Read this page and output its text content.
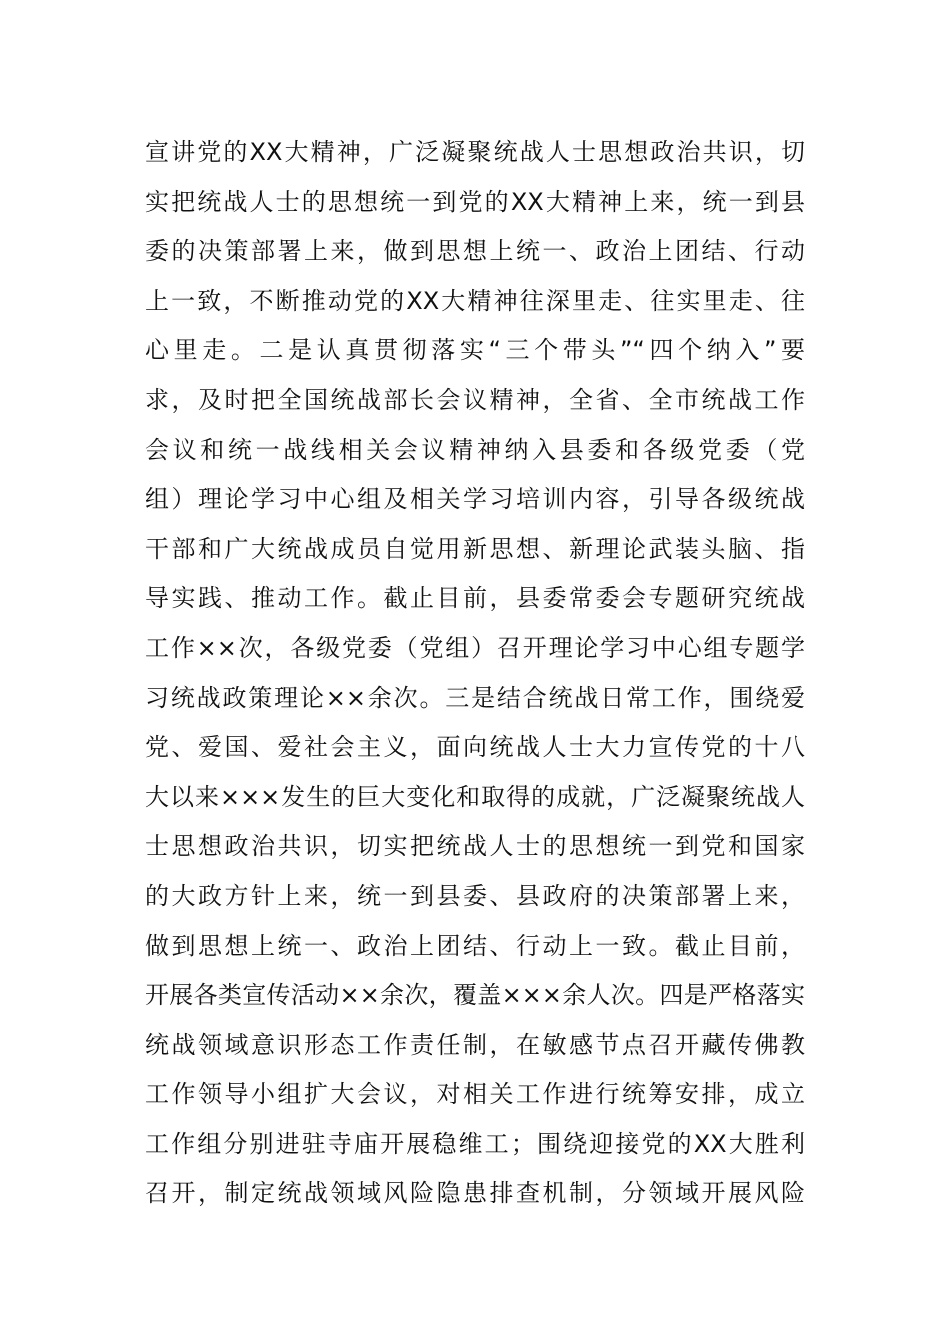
宣讲党的XX大精神，广泛凝聚统战人士思想政治共识，切
实把统战人士的思想统一到党的XX大精神上来，统一到县
委的决策部署上来，做到思想上统一、政治上团结、行动
上一致，不断推动党的XX大精神往深里走、往实里走、往
心里走。二是认真贯彻落实“三个带头”“四个纳入”要
求，及时把全国统战部长会议精神，全省、全市统战工作
会议和统一战线相关会议精神纳入县委和各级党委（党
组）理论学习中心组及相关学习培训内容，引导各级统战
干部和广大统战成员自觉用新思想、新理论武装头脑、指
导实践、推动工作。截止目前，县委常委会专题研究统战
工作××次，各级党委（党组）召开理论学习中心组专题学
习统战政策理论××余次。三是结合统战日常工作，围绕爱
党、爱国、爱社会主义，面向统战人士大力宣传党的十八
大以来×××发生的巨大变化和取得的成就，广泛凝聚统战人
士思想政治共识，切实把统战人士的思想统一到党和国家
的大政方针上来，统一到县委、县政府的决策部署上来，
做到思想上统一、政治上团结、行动上一致。截止目前，
开展各类宣传活动××余次，覆盖×××余人次。四是严格落实
统战领域意识形态工作责任制，在敏感节点召开藏传佛教
工作领导小组扩大会议，对相关工作进行统筹安排，成立
工作组分别进驻寺庙开展稳维工；围绕迎接党的XX大胜利
召开，制定统战领域风险隐患排查机制，分领域开展风险
